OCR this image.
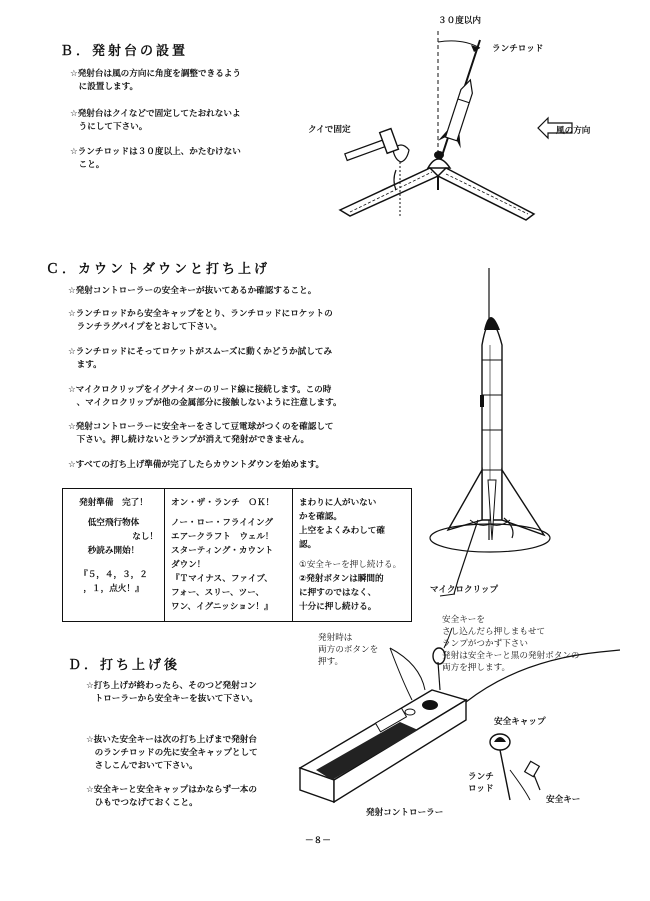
Ｂ．発射台の設置
☆発射台は風の方向に角度を調整できるよう
　に設置します。
☆発射台はクイなどで固定してたおれないよ
　うにして下さい。
☆ランチロッドは３０度以上、かたむけない
　こと。
３０度以内
ランチロッド
クイで固定	風の方向
Ｃ．カウントダウンと打ち上げ
☆発射コントローラーの安全キーが抜いてあるか確認すること。
☆ランチロッドから安全キャップをとり、ランチロッドにロケットの
　ランチラグパイプをとおして下さい。
☆ランチロッドにそってロケットがスムーズに動くかどうか試してみ
　ます。
☆マイクロクリップをイグナイターのリード線に接続します。この時
　、マイクロクリップが他の金属部分に接触しないように注意します。
☆発射コントローラーに安全キーをさして豆電球がつくのを確認して
　下さい。押し続けないとランプが消えて発射ができません。
☆すべての打ち上げ準備が完了したらカウントダウンを始めます。
発射準備　完了！
低空飛行物体
なし！
秒読み開始！
『５，４，３，２
，１，点火！』

オン・ザ・ランチ　ＯＫ！
ノー・ロー・フライイング
エアークラフト　ウェル！
スターティング・カウント
ダウン！
『Ｔマイナス、ファイブ、
フォー、スリー、ツー、
ワン、イグニッション！』

まわりに人がいない
かを確認。
上空をよくみわして確
認。
①安全キーを押し続ける。
②発射ボタンは瞬間的
に押すのではなく、
十分に押し続ける。
マイクロクリップ
Ｄ．打ち上げ後
☆打ち上げが終わったら、そのつど発射コン
　トローラーから安全キーを抜いて下さい。
☆抜いた安全キーは次の打ち上げまで発射台
　のランチロッドの先に安全キャップとして
　さしこんでおいて下さい。
☆安全キーと安全キャップはかならず一本の
　ひもでつなげておくこと。
発射時は
両方のボタンを
押す。
安全キーを
さし込んだら押しまもせて
ランプがつかず下さい
発射は安全キーと黒の発射ボタンの
両方を押します。
安全キャップ
ランチ
ロッド
安全キー
発射コントローラー
－８－
